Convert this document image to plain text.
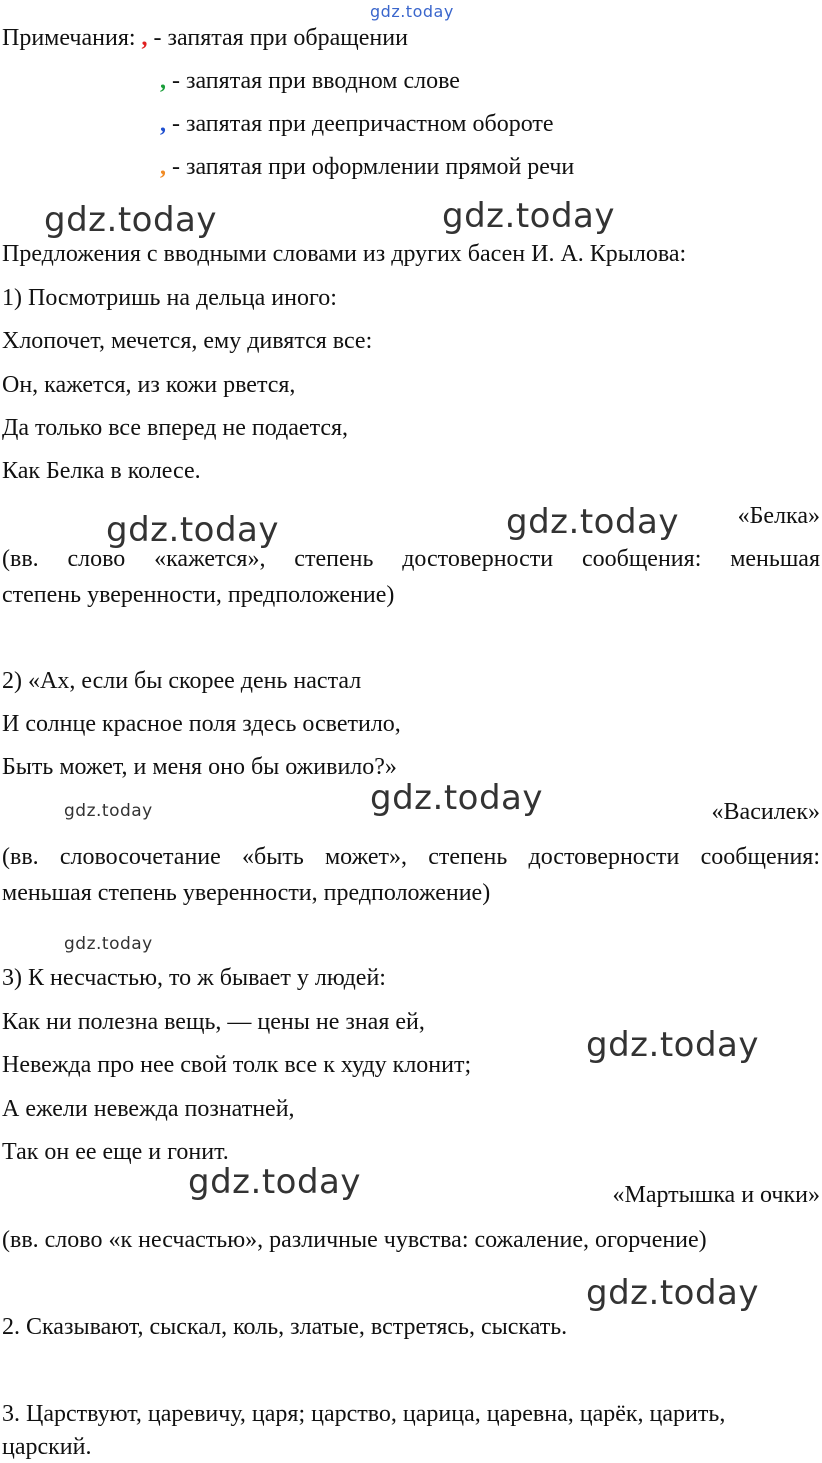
gdz.today
gdz.today	gdz.today
gdz.today	gdz.today
gdz.today	gdz.today
gdz.today
gdz.today
gdz.today
gdz.today
Примечания: , - запятая при обращении
, - запятая при вводном слове
, - запятая при деепричастном обороте
, - запятая при оформлении прямой речи
Предложения с вводными словами из других басен И. А. Крылова:
1) Посмотришь на дельца иного:
Хлопочет, мечется, ему дивятся все:
Он, кажется, из кожи рвется,
Да только все вперед не подается,
Как Белка в колесе.
«Белка»
(вв. слово «кажется», степень достоверности сообщения: меньшая
степень уверенности, предположение)
2) «Ах, если бы скорее день настал
И солнце красное поля здесь осветило,
Быть может, и меня оно бы оживило?»
«Василек»
(вв. словосочетание «быть может», степень достоверности сообщения:
меньшая степень уверенности, предположение)
3) К несчастью, то ж бывает у людей:
Как ни полезна вещь, — цены не зная ей,
Невежда про нее свой толк все к худу клонит;
А ежели невежда познатней,
Так он ее еще и гонит.
«Мартышка и очки»
(вв. слово «к несчастью», различные чувства: сожаление, огорчение)
2. Сказывают, сыскал, коль, златые, встретясь, сыскать.
3. Царствуют, царевичу, царя; царство, царица, царевна, царёк, царить,
царский.
